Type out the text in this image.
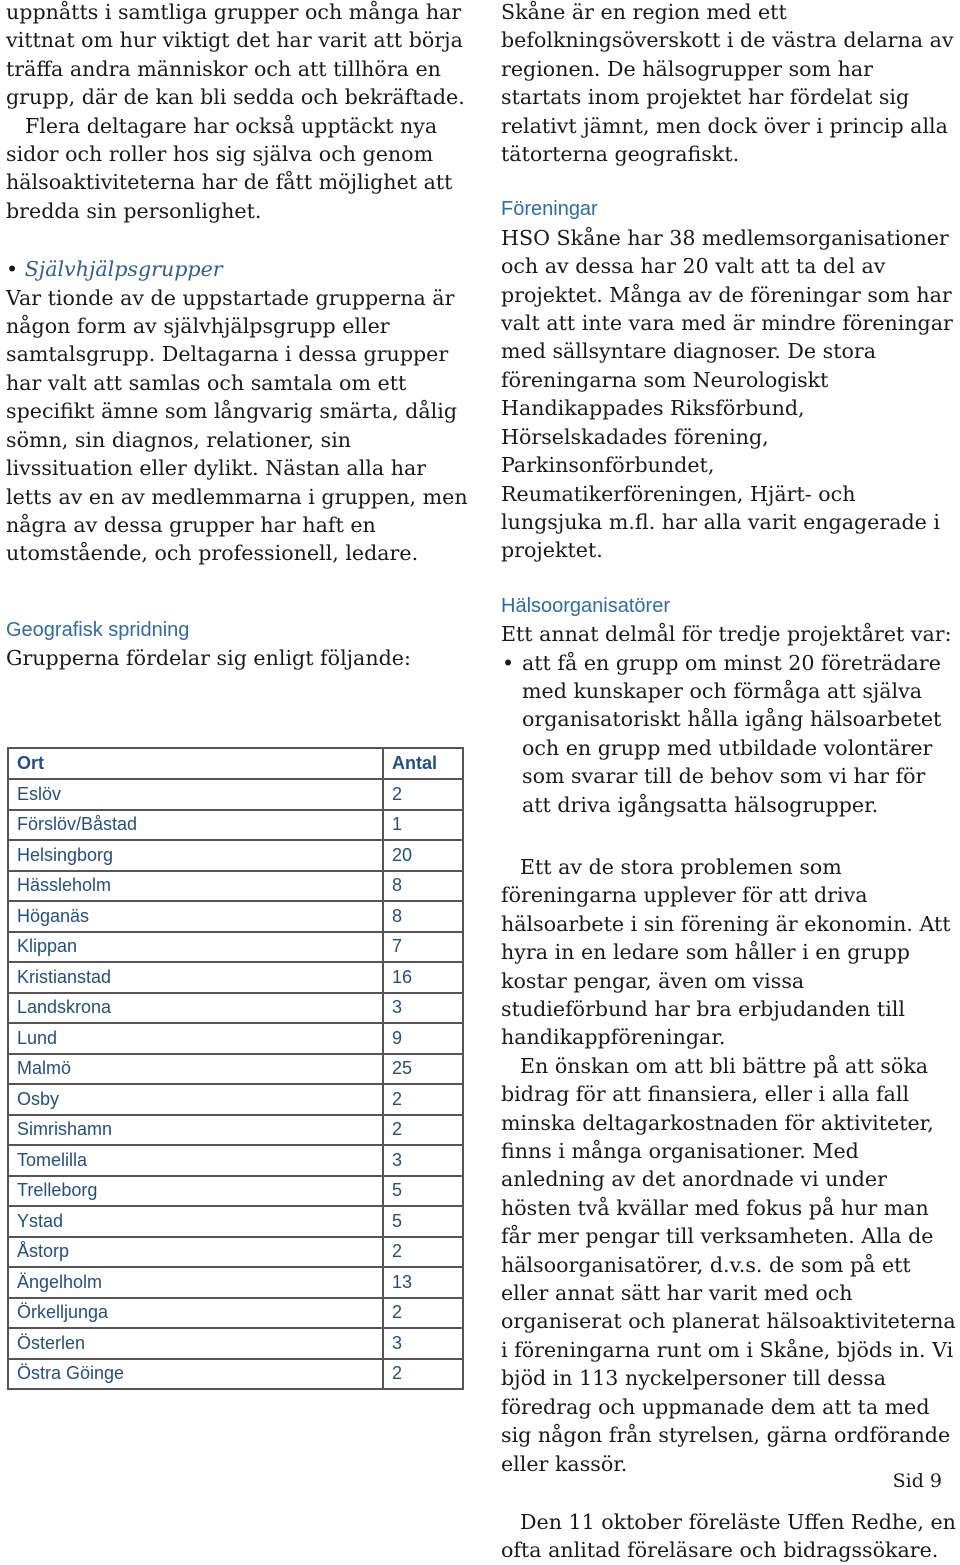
uppnåtts i samtliga grupper och många har vittnat om hur viktigt det har varit att börja träffa andra människor och att tillhöra en grupp, där de kan bli sedda och bekräftade.

Flera deltagare har också upptäckt nya sidor och roller hos sig själva och genom hälsoaktiviteterna har de fått möjlighet att bredda sin personlighet.

• Självhjälpsgrupper

Var tionde av de uppstartade grupperna är någon form av självhjälpsgrupp eller samtalsgrupp. Deltagarna i dessa grupper har valt att samlas och samtala om ett specifikt ämne som långvarig smärta, dålig sömn, sin diagnos, relationer, sin livssituation eller dylikt. Nästan alla har letts av en av medlemmarna i gruppen, men några av dessa grupper har haft en utomstående, och professionell, ledare.

Geografisk spridning

Grupperna fördelar sig enligt följande:

Ort	Antal
Eslöv	2
Förslöv/Båstad	1
Helsingborg	20
Hässleholm	8
Höganäs	8
Klippan	7
Kristianstad	16
Landskrona	3
Lund	9
Malmö	25
Osby	2
Simrishamn	2
Tomelilla	3
Trelleborg	5
Ystad	5
Åstorp	2
Ängelholm	13
Örkelljunga	2
Österlen	3
Östra Göinge	2

Skåne är en region med ett befolkningsöverskott i de västra delarna av regionen. De hälsogrupper som har startats inom projektet har fördelat sig relativt jämnt, men dock över i princip alla tätorterna geografiskt.

Föreningar

HSO Skåne har 38 medlemsorganisationer och av dessa har 20 valt att ta del av projektet. Många av de föreningar som har valt att inte vara med är mindre föreningar med sällsyntare diagnoser. De stora föreningarna som Neurologiskt Handikappades Riksförbund, Hörselskadades förening, Parkinsonförbundet, Reumatikerföreningen, Hjärt- och lungsjuka m.fl. har alla varit engagerade i projektet.

Hälsoorganisatörer

Ett annat delmål för tredje projektåret var:

• att få en grupp om minst 20 företrädare med kunskaper och förmåga att själva organisatoriskt hålla igång hälsoarbetet och en grupp med utbildade volontärer som svarar till de behov som vi har för att driva igångsatta hälsogrupper.

Ett av de stora problemen som föreningarna upplever för att driva hälsoarbete i sin förening är ekonomin. Att hyra in en ledare som håller i en grupp kostar pengar, även om vissa studieförbund har bra erbjudanden till handikappföreningar.

En önskan om att bli bättre på att söka bidrag för att finansiera, eller i alla fall minska deltagarkostnaden för aktiviteter, finns i många organisationer. Med anledning av det anordnade vi under hösten två kvällar med fokus på hur man får mer pengar till verksamheten. Alla de hälsoorganisatörer, d.v.s. de som på ett eller annat sätt har varit med och organiserat och planerat hälsoaktiviteterna i föreningarna runt om i Skåne, bjöds in. Vi bjöd in 113 nyckelpersoner till dessa föredrag och uppmanade dem att ta med sig någon från styrelsen, gärna ordförande eller kassör.

Den 11 oktober föreläste Uffen Redhe, en ofta anlitad föreläsare och bidragssökare.

Sid 9
